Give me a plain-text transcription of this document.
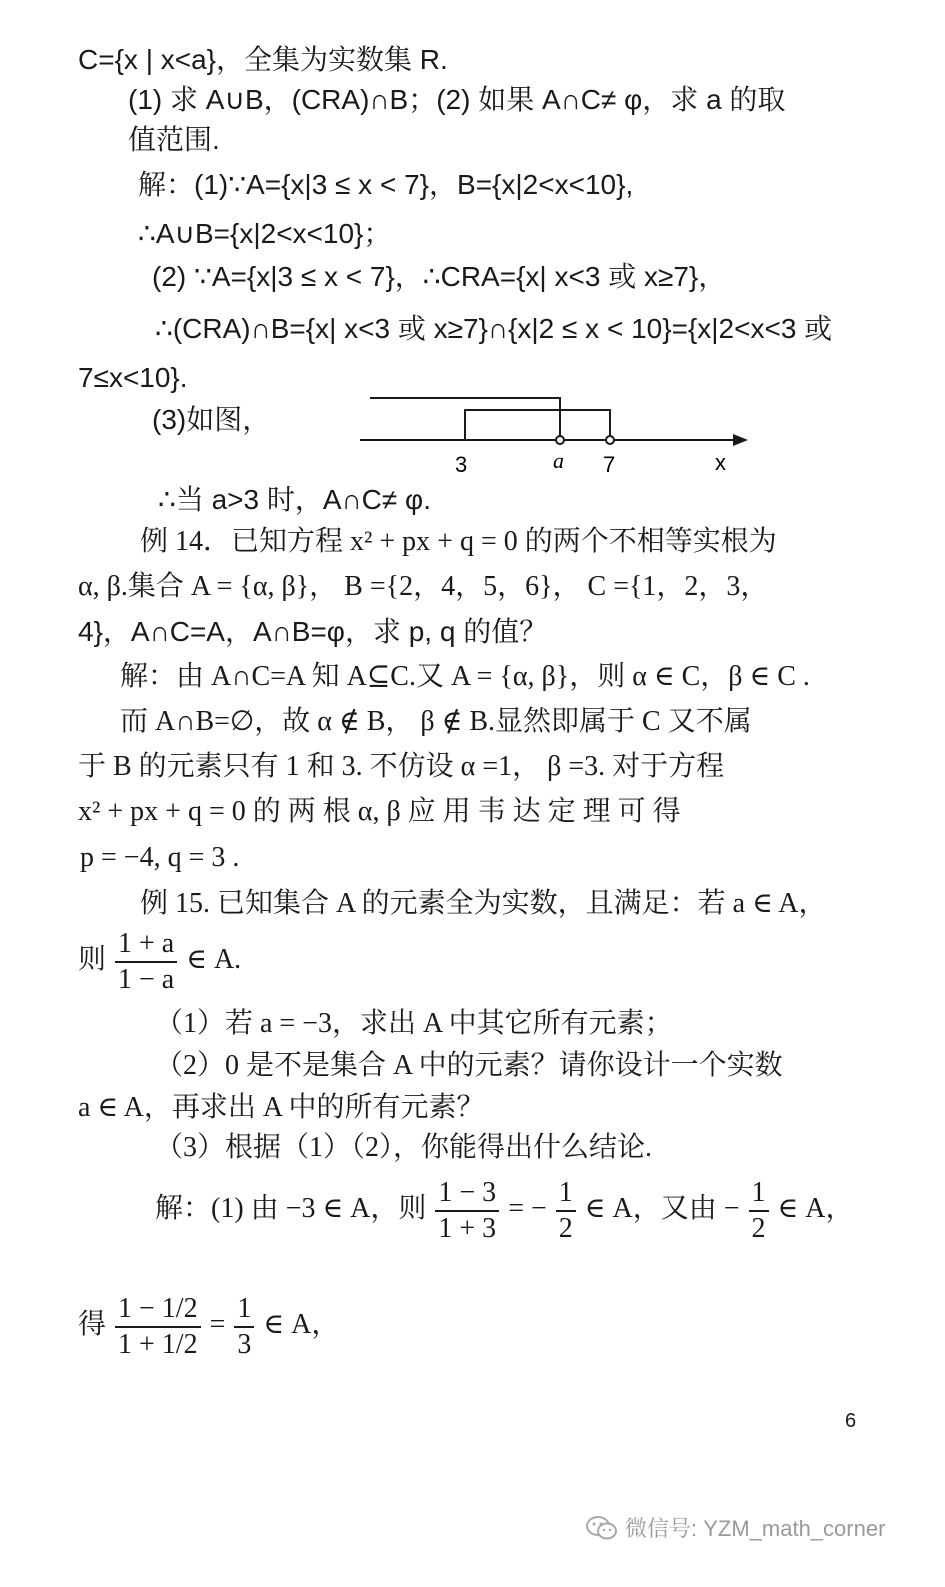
C={x | x<a}，全集为实数集 R.
(1) 求 A∪B，(CRA)∩B；(2) 如果 A∩C≠ φ，求 a 的取
值范围.
解：(1)∵A={x|3 ≤ x < 7}，B={x|2<x<10},
∴A∪B={x|2<x<10}；
(2) ∵A={x|3 ≤ x < 7}，∴CRA={x| x<3 或 x≥7}，
∴(CRA)∩B={x| x<3 或 x≥7}∩{x|2 ≤ x < 10}={x|2<x<3 或
7≤x<10}.
(3)如图，
3	a 7	x
∴当 a>3 时，A∩C≠ φ.
例 14．已知方程 x² + px + q = 0 的两个不相等实根为
α, β.集合 A = {α, β}， B ={2，4，5，6}， C ={1，2，3，
4}，A∩C=A，A∩B=φ，求 p, q 的值？
解：由 A∩C=A 知 A⊆C.又 A = {α, β}，则 α ∈ C，β ∈ C .
而 A∩B=∅，故 α ∉ B， β ∉ B.显然即属于 C 又不属
于 B 的元素只有 1 和 3. 不仿设 α =1， β =3. 对于方程
x² + px + q = 0 的 两 根 α, β 应 用 韦 达 定 理 可 得
p = −4, q = 3 .
例 15. 已知集合 A 的元素全为实数，且满足：若 a ∈ A，
则 $\frac{1 + a}{1 - a}$ ∈ A.
（1）若 a = −3，求出 A 中其它所有元素；
（2）0 是不是集合 A 中的元素？请你设计一个实数
a ∈ A，再求出 A 中的所有元素？
（3）根据（1）（2），你能得出什么结论.
解：(1) 由 −3 ∈ A，则 $\frac{1 - 3}{1 + 3}$ = − $\frac{1}{2}$ ∈ A，又由 − $\frac{1}{2}$ ∈ A，
得 $\frac{1 - 1/2}{1 + 1/2} = \frac{1}{3}$ ∈ A，
6
微信号: YZM_math_corner
